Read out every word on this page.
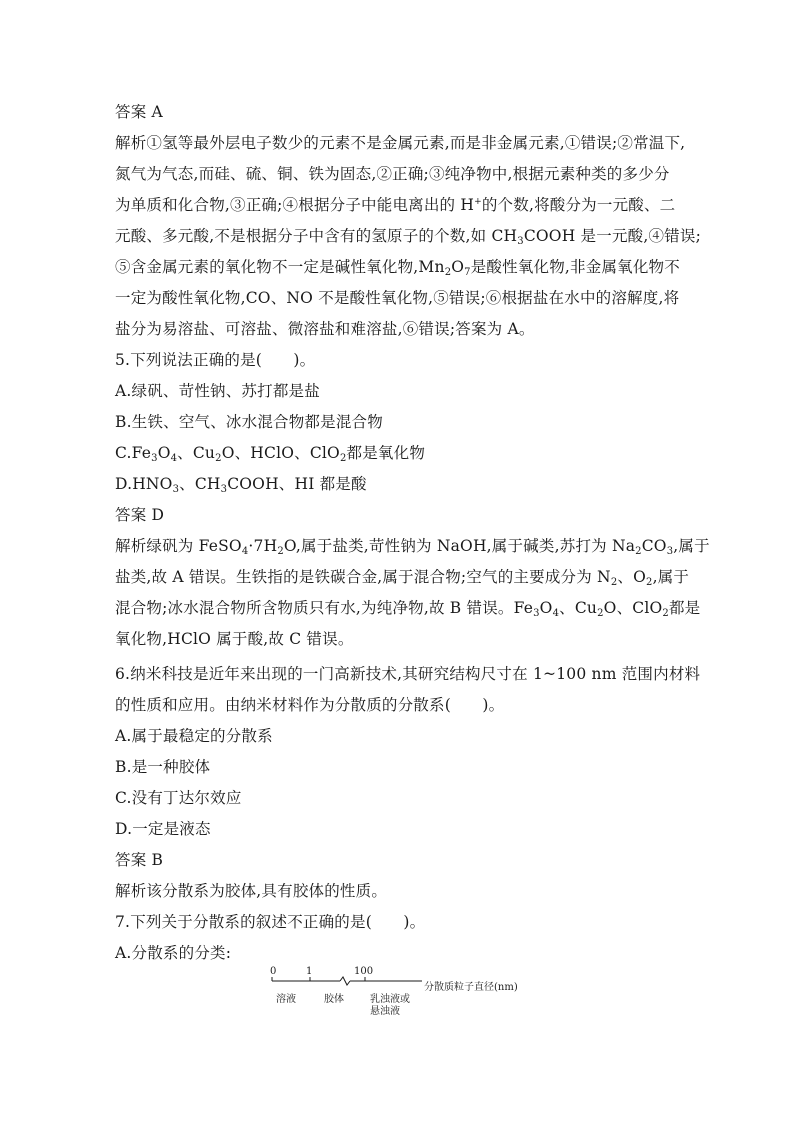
答案 A
解析①氢等最外层电子数少的元素不是金属元素,而是非金属元素,①错误;②常温下,
氮气为气态,而硅、硫、铜、铁为固态,②正确;③纯净物中,根据元素种类的多少分
为单质和化合物,③正确;④根据分子中能电离出的 H+的个数,将酸分为一元酸、二
元酸、多元酸,不是根据分子中含有的氢原子的个数,如 $CH_3COOH$ 是一元酸,④错误;
⑤含金属元素的氧化物不一定是碱性氧化物$,Mn_2O_7$是酸性氧化物,非金属氧化物不
一定为酸性氧化物,CO、NO 不是酸性氧化物,⑤错误;⑥根据盐在水中的溶解度,将
盐分为易溶盐、可溶盐、微溶盐和难溶盐,⑥错误;答案为 A。
5.下列说法正确的是(　　)。
A.绿矾、苛性钠、苏打都是盐
B.生铁、空气、冰水混合物都是混合物
$C.Fe_3O_4$、$Cu_2O$、HClO、ClO$_2$都是氧化物
$D.HNO_3$、$CH_3COOH$、HI 都是酸
答案 D
解析绿矾为 $FeSO_4\cdot 7H_2O$,属于盐类,苛性钠为 NaOH,属于碱类,苏打为 $Na_2CO_3$,属于
盐类,故 A 错误。生铁指的是铁碳合金,属于混合物;空气的主要成分为 $N_2$、$O_2$,属于
混合物;冰水混合物所含物质只有水,为纯净物,故 B 错误。$Fe_3O_4$、$Cu_2O$、ClO$_2$都是
氧化物,HClO 属于酸,故 C 错误。
6.纳米科技是近年来出现的一门高新技术,其研究结构尺寸在 1~100 nm 范围内材料
的性质和应用。由纳米材料作为分散质的分散系(　　)。
A.属于最稳定的分散系
B.是一种胶体
C.没有丁达尔效应
D.一定是液态
答案 B
解析该分散系为胶体,具有胶体的性质。
7.下列关于分散系的叙述不正确的是(　　)。
A.分散系的分类:
0	1	100
分散质粒子直径(nm)
溶液	胶体	乳浊液或
悬浊液
